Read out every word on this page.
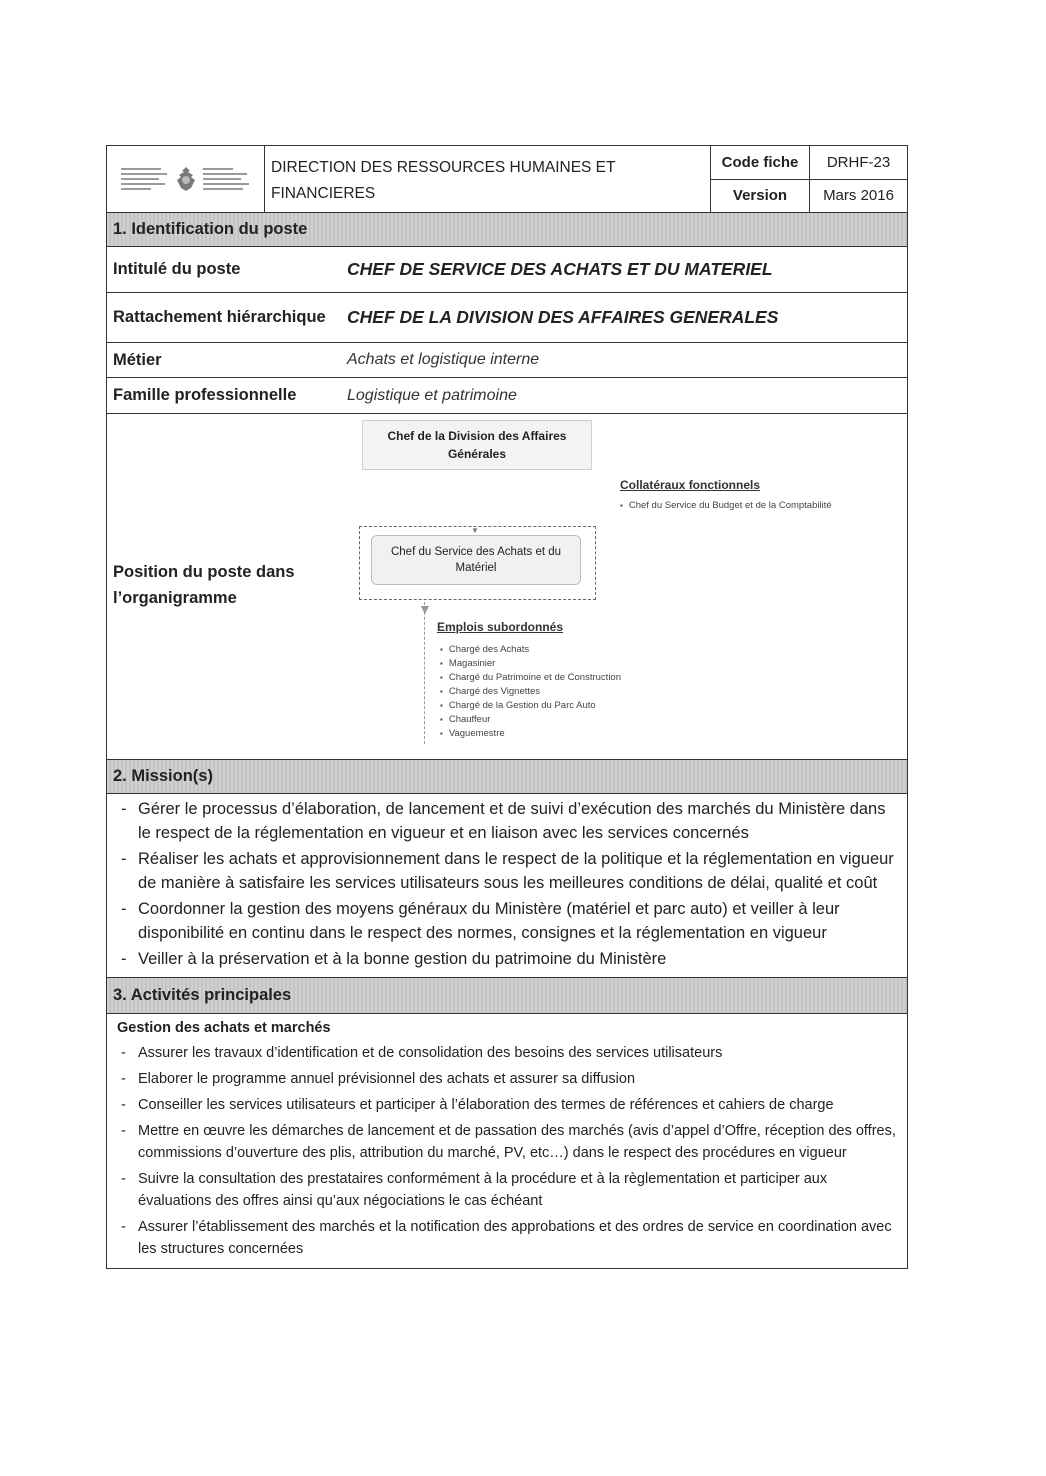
DIRECTION DES RESSOURCES HUMAINES ET FINANCIERES
Code fiche	DRHF-23
Version	Mars 2016
1. Identification du poste
Intitulé du poste	CHEF DE SERVICE DES ACHATS ET DU MATERIEL
Rattachement hiérarchique	CHEF DE LA DIVISION DES AFFAIRES GENERALES
Métier	Achats et logistique interne
Famille professionnelle	Logistique et patrimoine
Position du poste dans l’organigramme
Chef de la Division des Affaires Générales
Collatéraux fonctionnels
▪ Chef du Service du Budget et de la Comptabilité
▼
Chef du Service des Achats et du Matériel
▼
Emplois subordonnés
▪ Chargé des Achats
▪ Magasinier
▪ Chargé du Patrimoine et de Construction
▪ Chargé des Vignettes
▪ Chargé de la Gestion du Parc Auto
▪ Chauffeur
▪ Vaguemestre
2. Mission(s)
- Gérer le processus d’élaboration, de lancement et de suivi d’exécution des marchés du Ministère dans le respect de la réglementation en vigueur et en liaison avec les services concernés
- Réaliser les achats et approvisionnement dans le respect de la politique et la réglementation en vigueur de manière à satisfaire les services utilisateurs sous les meilleures conditions de délai, qualité et coût
- Coordonner la gestion des moyens généraux du Ministère (matériel et parc auto) et veiller à leur disponibilité en continu dans le respect des normes, consignes et la réglementation en vigueur
- Veiller à la préservation et à la bonne gestion du patrimoine du Ministère
3. Activités principales
Gestion des achats et marchés
- Assurer les travaux d’identification et de consolidation des besoins des services utilisateurs
- Elaborer le programme annuel prévisionnel des achats et assurer sa diffusion
- Conseiller les services utilisateurs et participer à l’élaboration des termes de références et cahiers de charge
- Mettre en œuvre les démarches de lancement et de passation des marchés (avis d’appel d’Offre, réception des offres, commissions d’ouverture des plis, attribution du marché, PV, etc…) dans le respect des procédures en vigueur
- Suivre la consultation des prestataires conformément à la procédure et à la règlementation et participer aux évaluations des offres ainsi qu’aux négociations le cas échéant
- Assurer l’établissement des marchés et la notification des approbations et des ordres de service en coordination avec les structures concernées
